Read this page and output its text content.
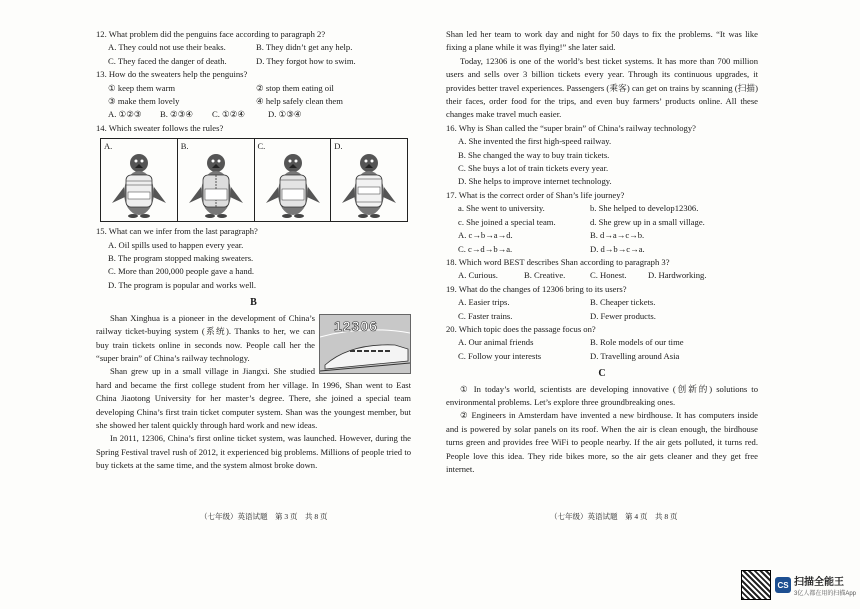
12. What problem did the penguins face according to paragraph 2?

A. They could not use their beaks.	B. They didn’t get any help.
C. They faced the danger of death.	D. They forgot how to swim.

13. How do the sweaters help the penguins?

① keep them warm	② stop them eating oil
③ make them lovely	④ help safely clean them
A. ①②③	B. ②③④	C. ①②④	D. ①③④

14. Which sweater follows the rules?

A.	B.	C.	D.

15. What can we infer from the last paragraph?

A. Oil spills used to happen every year.
B. The program stopped making sweaters.
C. More than 200,000 people gave a hand.
D. The program is popular and works well.
B
12306

Shan Xinghua is a pioneer in the development of China’s railway ticket-buying system (系统). Thanks to her, we can buy train tickets online in seconds now. People call her the “super brain” of China’s railway technology.

Shan grew up in a small village in Jiangxi. She studied hard and became the first college student from her village. In 1996, Shan went to East China Jiaotong University for her master’s degree. There, she joined a special team developing China’s first train ticket computer system. Shan was the youngest member, but she showed her talent quickly through hard work and new ideas.

In 2011, 12306, China’s first online ticket system, was launched. However, during the Spring Festival travel rush of 2012, it experienced big problems. Millions of people tried to buy tickets at the same time, and the system almost broke down.

（七年级）英语试题　第 3 页　共 8 页

Shan led her team to work day and night for 50 days to fix the problems. “It was like fixing a plane while it was flying!” she later said.

Today, 12306 is one of the world’s best ticket systems. It has more than 700 million users and sells over 3 billion tickets every year. Through its continuous upgrades, it provides better travel experiences. Passengers (乘客) can get on trains by scanning (扫描) their faces, order food for the trips, and even buy farmers’ products online. All these changes make travel much easier.

16. Why is Shan called the “super brain” of China’s railway technology?

A. She invented the first high-speed railway.
B. She changed the way to buy train tickets.
C. She buys a lot of train tickets every year.
D. She helps to improve internet technology.

17. What is the correct order of Shan’s life journey?

a. She went to university.	b. She helped to develop12306.
c. She joined a special team.	d. She grew up in a small village.
A. c→b→a→d.	B. d→a→c→b.
C. c→d→b→a.	D. d→b→c→a.

18. Which word BEST describes Shan according to paragraph 3?

A. Curious.	B. Creative.	C. Honest.	D. Hardworking.

19. What do the changes of 12306 bring to its users?

A. Easier trips.	B. Cheaper tickets.
C. Faster trains.	D. Fewer products.

20. Which topic does the passage focus on?

A. Our animal friends	B. Role models of our time
C. Follow your interests	D. Travelling around Asia
C

① In today’s world, scientists are developing innovative (创新的) solutions to environmental problems. Let’s explore three groundbreaking ones.

② Engineers in Amsterdam have invented a new birdhouse. It has computers inside and is powered by solar panels on its roof. When the air is clean enough, the birdhouse turns green and provides free WiFi to people nearby. If the air gets polluted, it turns red. People love this idea. They ride bikes more, so the air gets cleaner and they get free internet.

（七年级）英语试题　第 4 页　共 8 页
CS 扫描全能王
3亿人都在用的扫描App
